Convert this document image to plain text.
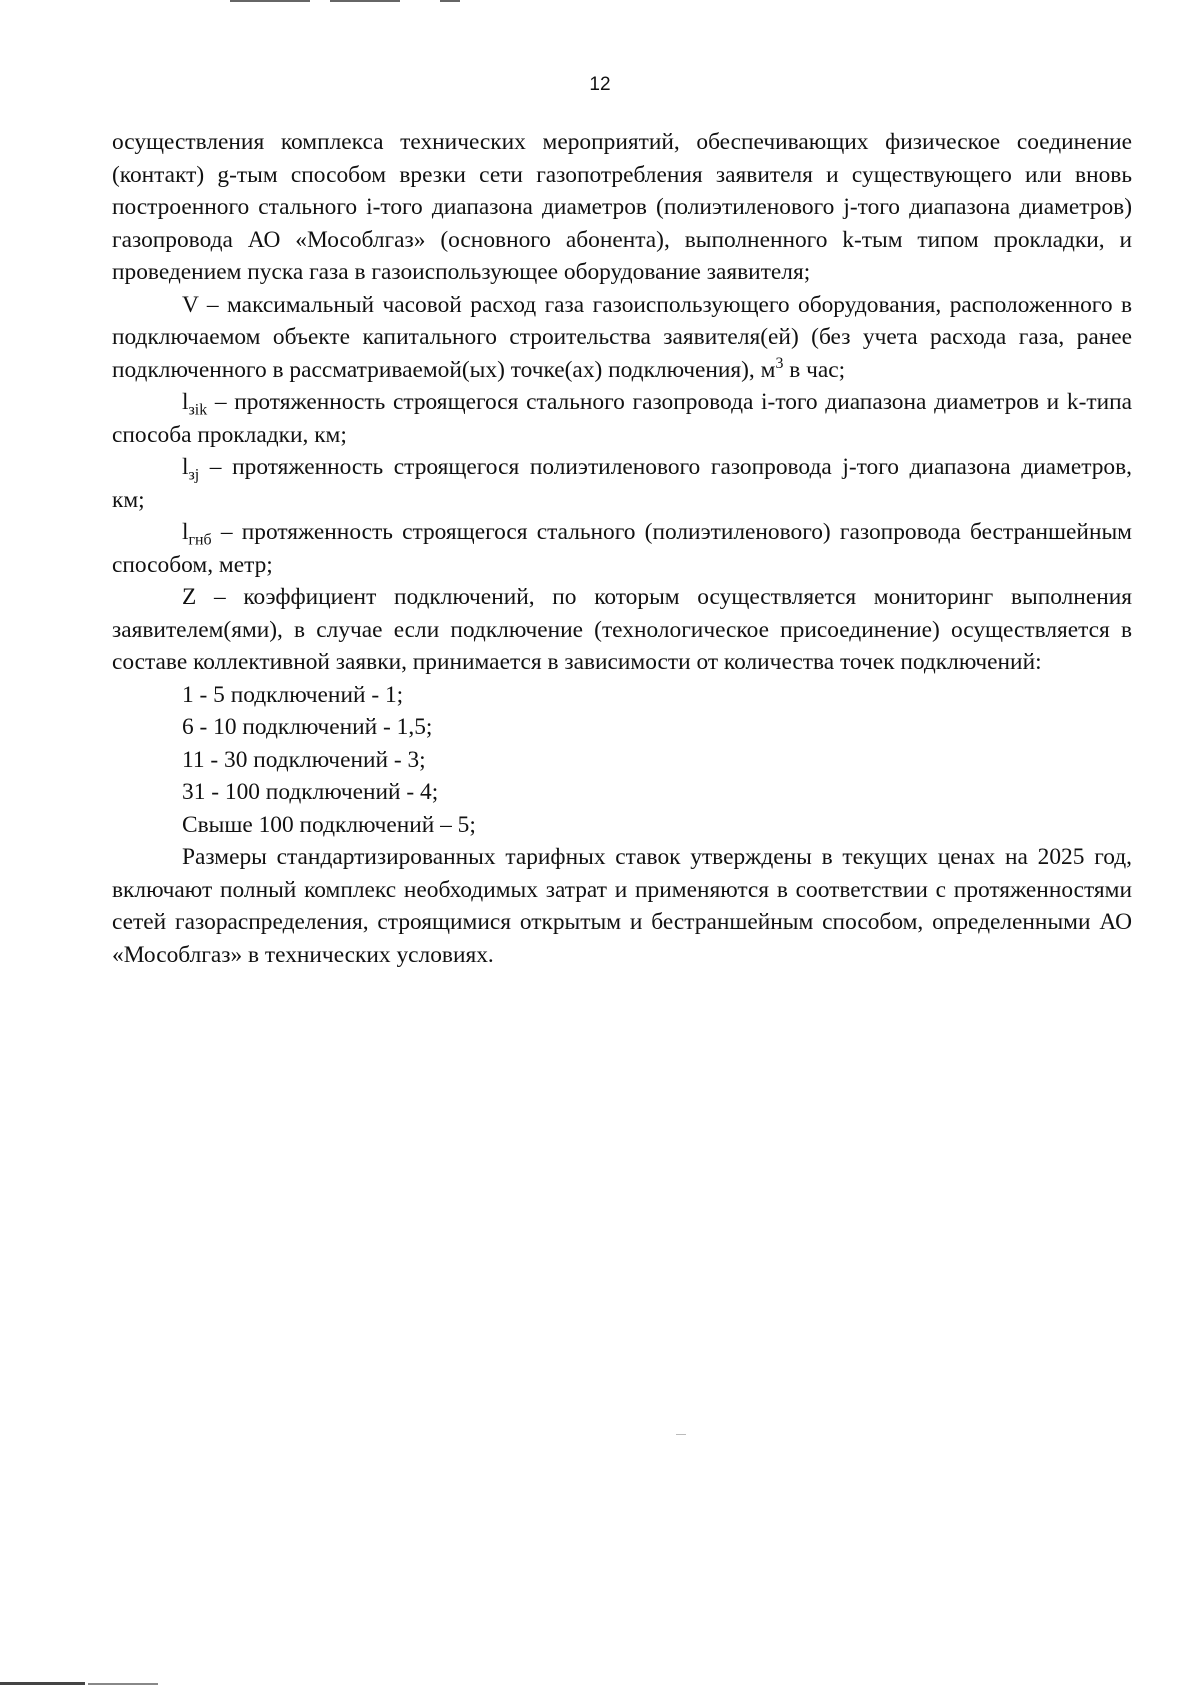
12

осуществления комплекса технических мероприятий, обеспечивающих физическое соединение (контакт) g-тым способом врезки сети газопотребления заявителя и существующего или вновь построенного стального i-того диапазона диаметров (полиэтиленового j-того диапазона диаметров) газопровода АО «Мособлгаз» (основного абонента), выполненного k-тым типом прокладки, и проведением пуска газа в газоиспользующее оборудование заявителя;

V – максимальный часовой расход газа газоиспользующего оборудования, расположенного в подключаемом объекте капитального строительства заявителя(ей) (без учета расхода газа, ранее подключенного в рассматриваемой(ых) точке(ах) подключения), $м^3$ в час;

$l_{зik}$ – протяженность строящегося стального газопровода i-того диапазона диаметров и k-типа способа прокладки, км;

$l_{зj}$ – протяженность строящегося полиэтиленового газопровода j-того диапазона диаметров, км;

$l_{гнб}$ – протяженность строящегося стального (полиэтиленового) газопровода бестраншейным способом, метр;

Z – коэффициент подключений, по которым осуществляется мониторинг выполнения заявителем(ями), в случае если подключение (технологическое присоединение) осуществляется в составе коллективной заявки, принимается в зависимости от количества точек подключений:

1 - 5 подключений - 1;

6 - 10 подключений - 1,5;

11 - 30 подключений - 3;

31 - 100 подключений - 4;

Свыше 100 подключений – 5;

Размеры стандартизированных тарифных ставок утверждены в текущих ценах на 2025 год, включают полный комплекс необходимых затрат и применяются в соответствии с протяженностями сетей газораспределения, строящимися открытым и бестраншейным способом, определенными АО «Мособлгаз» в технических условиях.
